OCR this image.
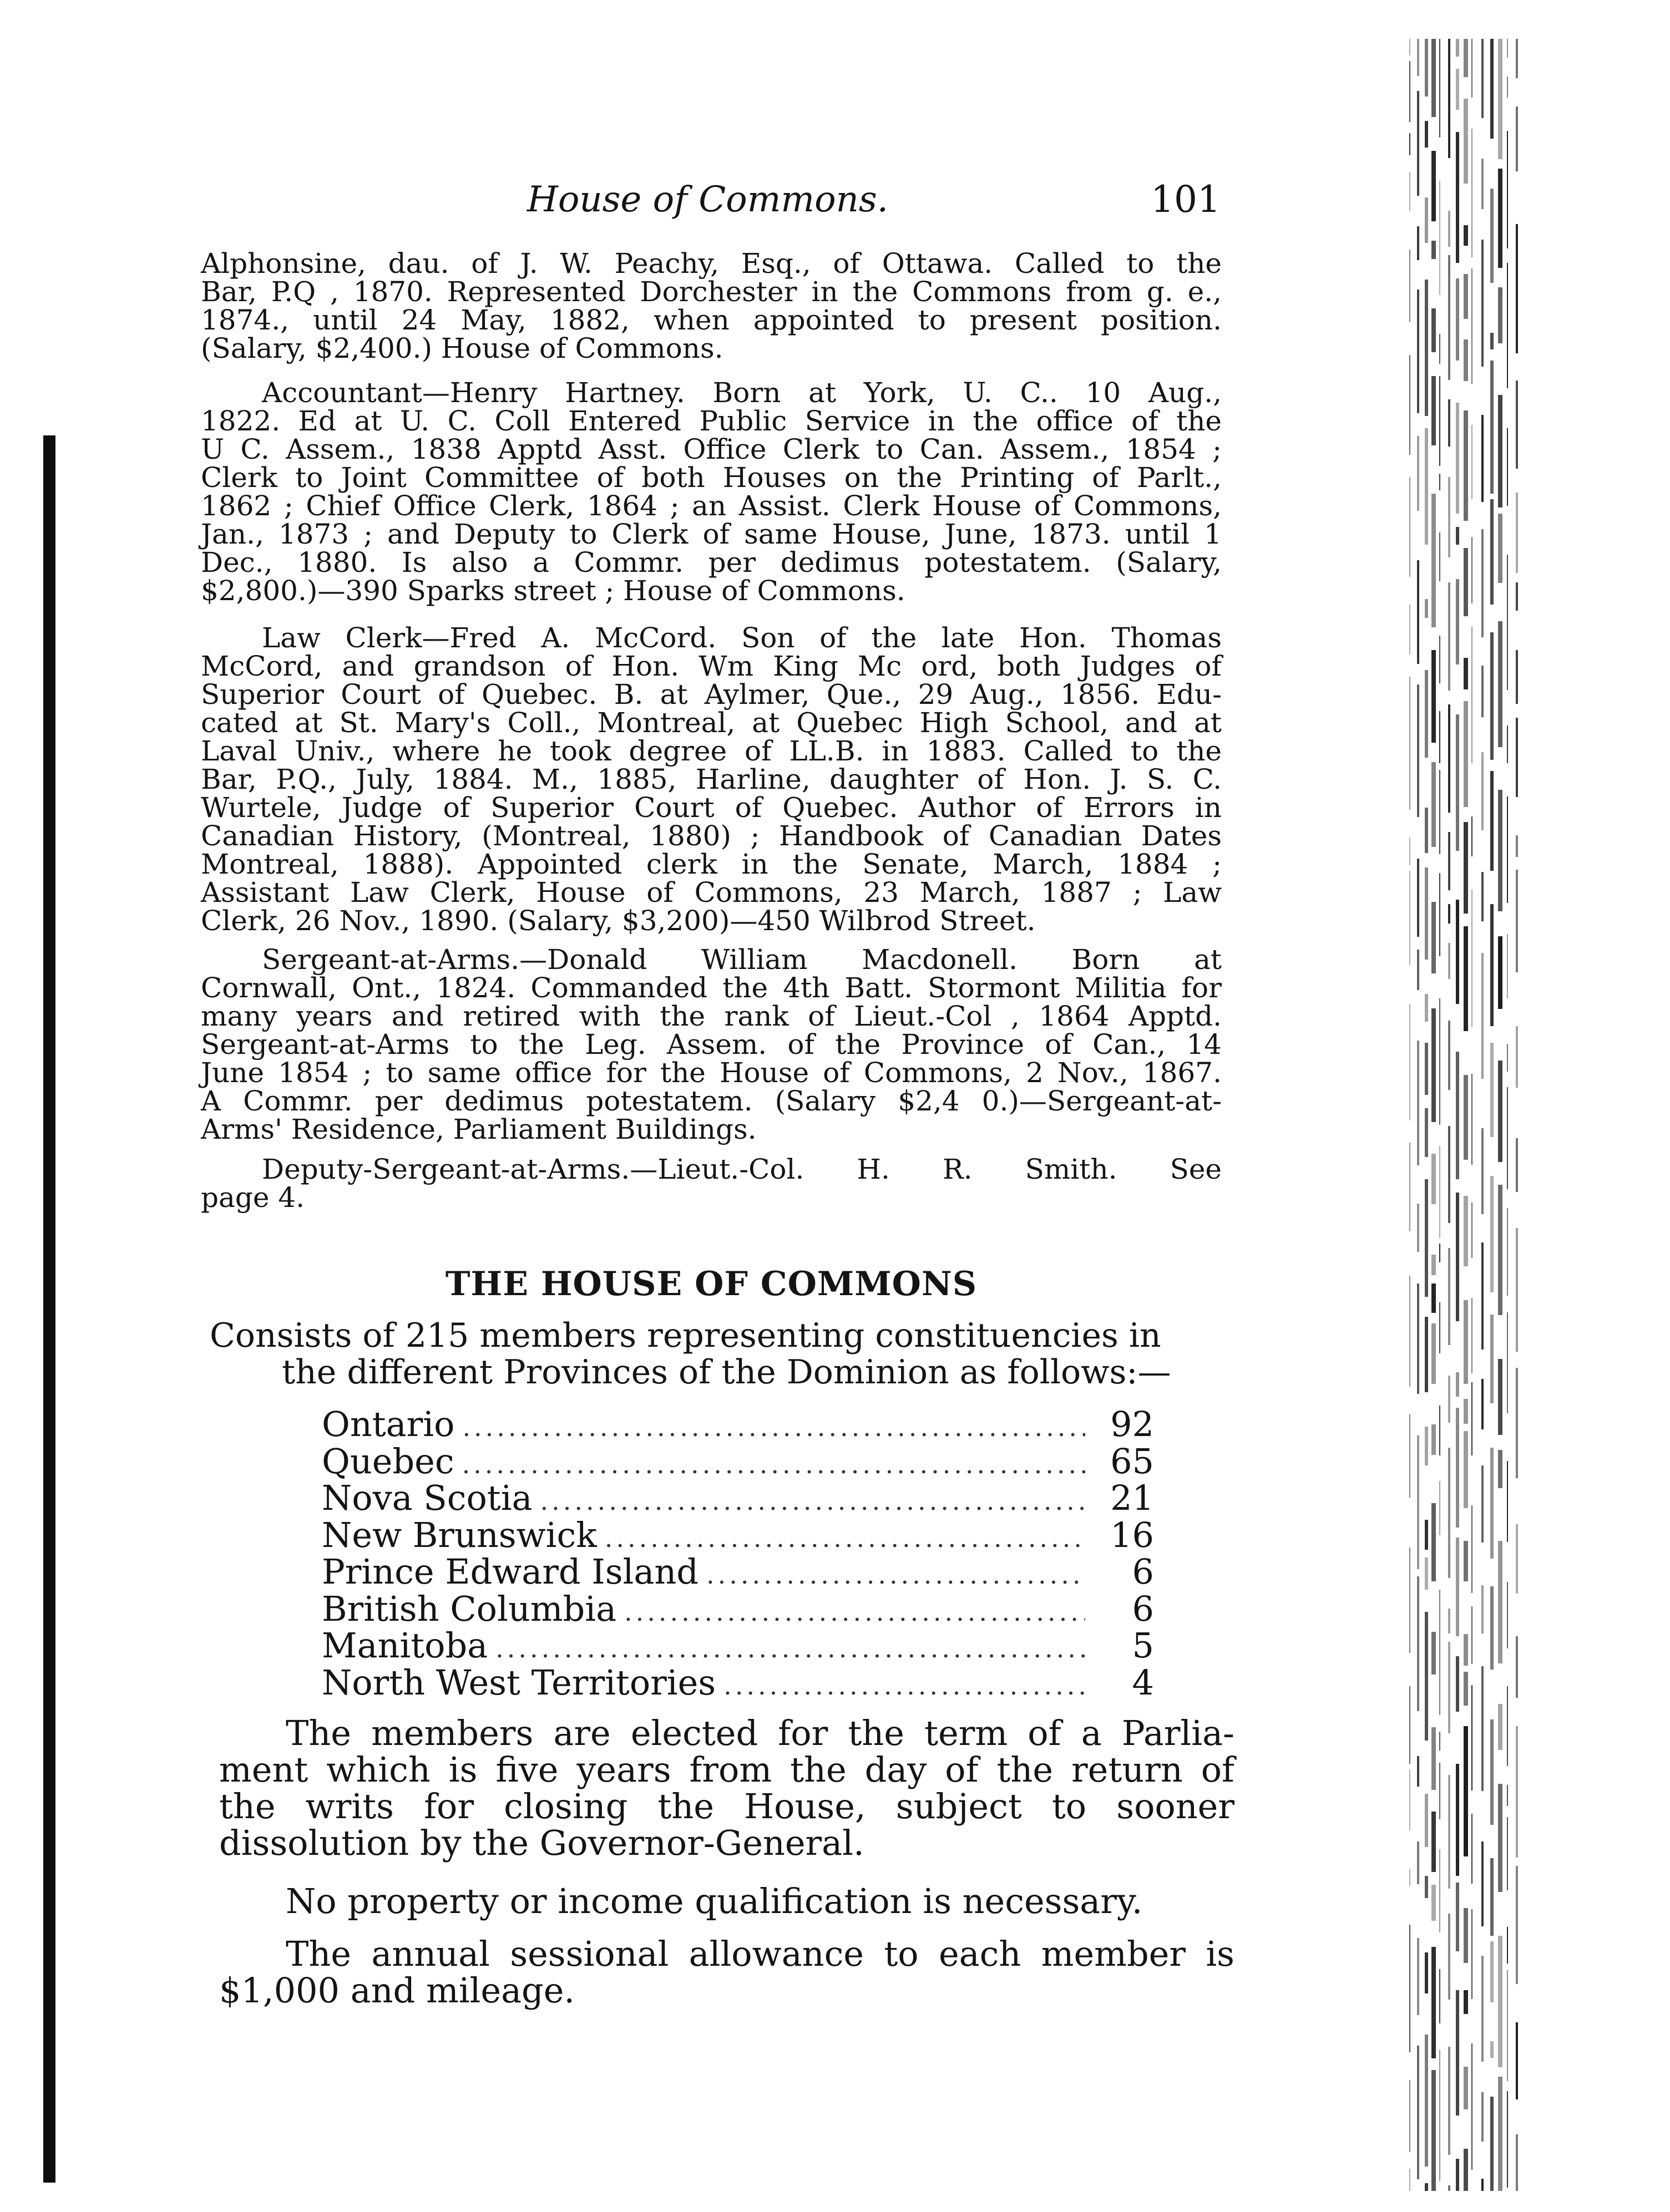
House of Commons.	101
Alphonsine, dau. of J. W. Peachy, Esq., of Ottawa. Called to the
Bar, P.Q , 1870. Represented Dorchester in the Commons from g. e.,
1874., until 24 May, 1882, when appointed to present position.
(Salary, $2,400.) House of Commons.
Accountant—Henry Hartney. Born at York, U. C.. 10 Aug.,
1822. Ed at U. C. Coll Entered Public Service in the office of the
U C. Assem., 1838 Apptd Asst. Office Clerk to Can. Assem., 1854 ;
Clerk to Joint Committee of both Houses on the Printing of Parlt.,
1862 ; Chief Office Clerk, 1864 ; an Assist. Clerk House of Commons,
Jan., 1873 ; and Deputy to Clerk of same House, June, 1873. until 1
Dec., 1880. Is also a Commr. per dedimus potestatem. (Salary,
$2,800.)—390 Sparks street ; House of Commons.
Law Clerk—Fred A. McCord. Son of the late Hon. Thomas
McCord, and grandson of Hon. Wm King Mc ord, both Judges of
Superior Court of Quebec. B. at Aylmer, Que., 29 Aug., 1856. Edu-
cated at St. Mary's Coll., Montreal, at Quebec High School, and at
Laval Univ., where he took degree of LL.B. in 1883. Called to the
Bar, P.Q., July, 1884. M., 1885, Harline, daughter of Hon. J. S. C.
Wurtele, Judge of Superior Court of Quebec. Author of Errors in
Canadian History, (Montreal, 1880) ; Handbook of Canadian Dates
Montreal, 1888). Appointed clerk in the Senate, March, 1884 ;
Assistant Law Clerk, House of Commons, 23 March, 1887 ; Law
Clerk, 26 Nov., 1890. (Salary, $3,200)—450 Wilbrod Street.
Sergeant-at-Arms.—Donald William Macdonell. Born at
Cornwall, Ont., 1824. Commanded the 4th Batt. Stormont Militia for
many years and retired with the rank of Lieut.-Col , 1864 Apptd.
Sergeant-at-Arms to the Leg. Assem. of the Province of Can., 14
June 1854 ; to same office for the House of Commons, 2 Nov., 1867.
A Commr. per dedimus potestatem. (Salary $2,4 0.)—Sergeant-at-
Arms' Residence, Parliament Buildings.
Deputy-Sergeant-at-Arms.—Lieut.-Col. H. R. Smith. See
page 4.
THE HOUSE OF COMMONS

Consists of 215 members representing constituencies in
the different Provinces of the Dominion as follows:—

Ontario .....	92
Quebec .....	65
Nova Scotia .....	21
New Brunswick .....	16
Prince Edward Island .....	6
British Columbia .....	6
Manitoba .....	5
North West Territories .....	4

The members are elected for the term of a Parlia-
ment which is five years from the day of the return of
the writs for closing the House, subject to sooner
dissolution by the Governor-General.

No property or income qualification is necessary.

The annual sessional allowance to each member is
$1,000 and mileage.
